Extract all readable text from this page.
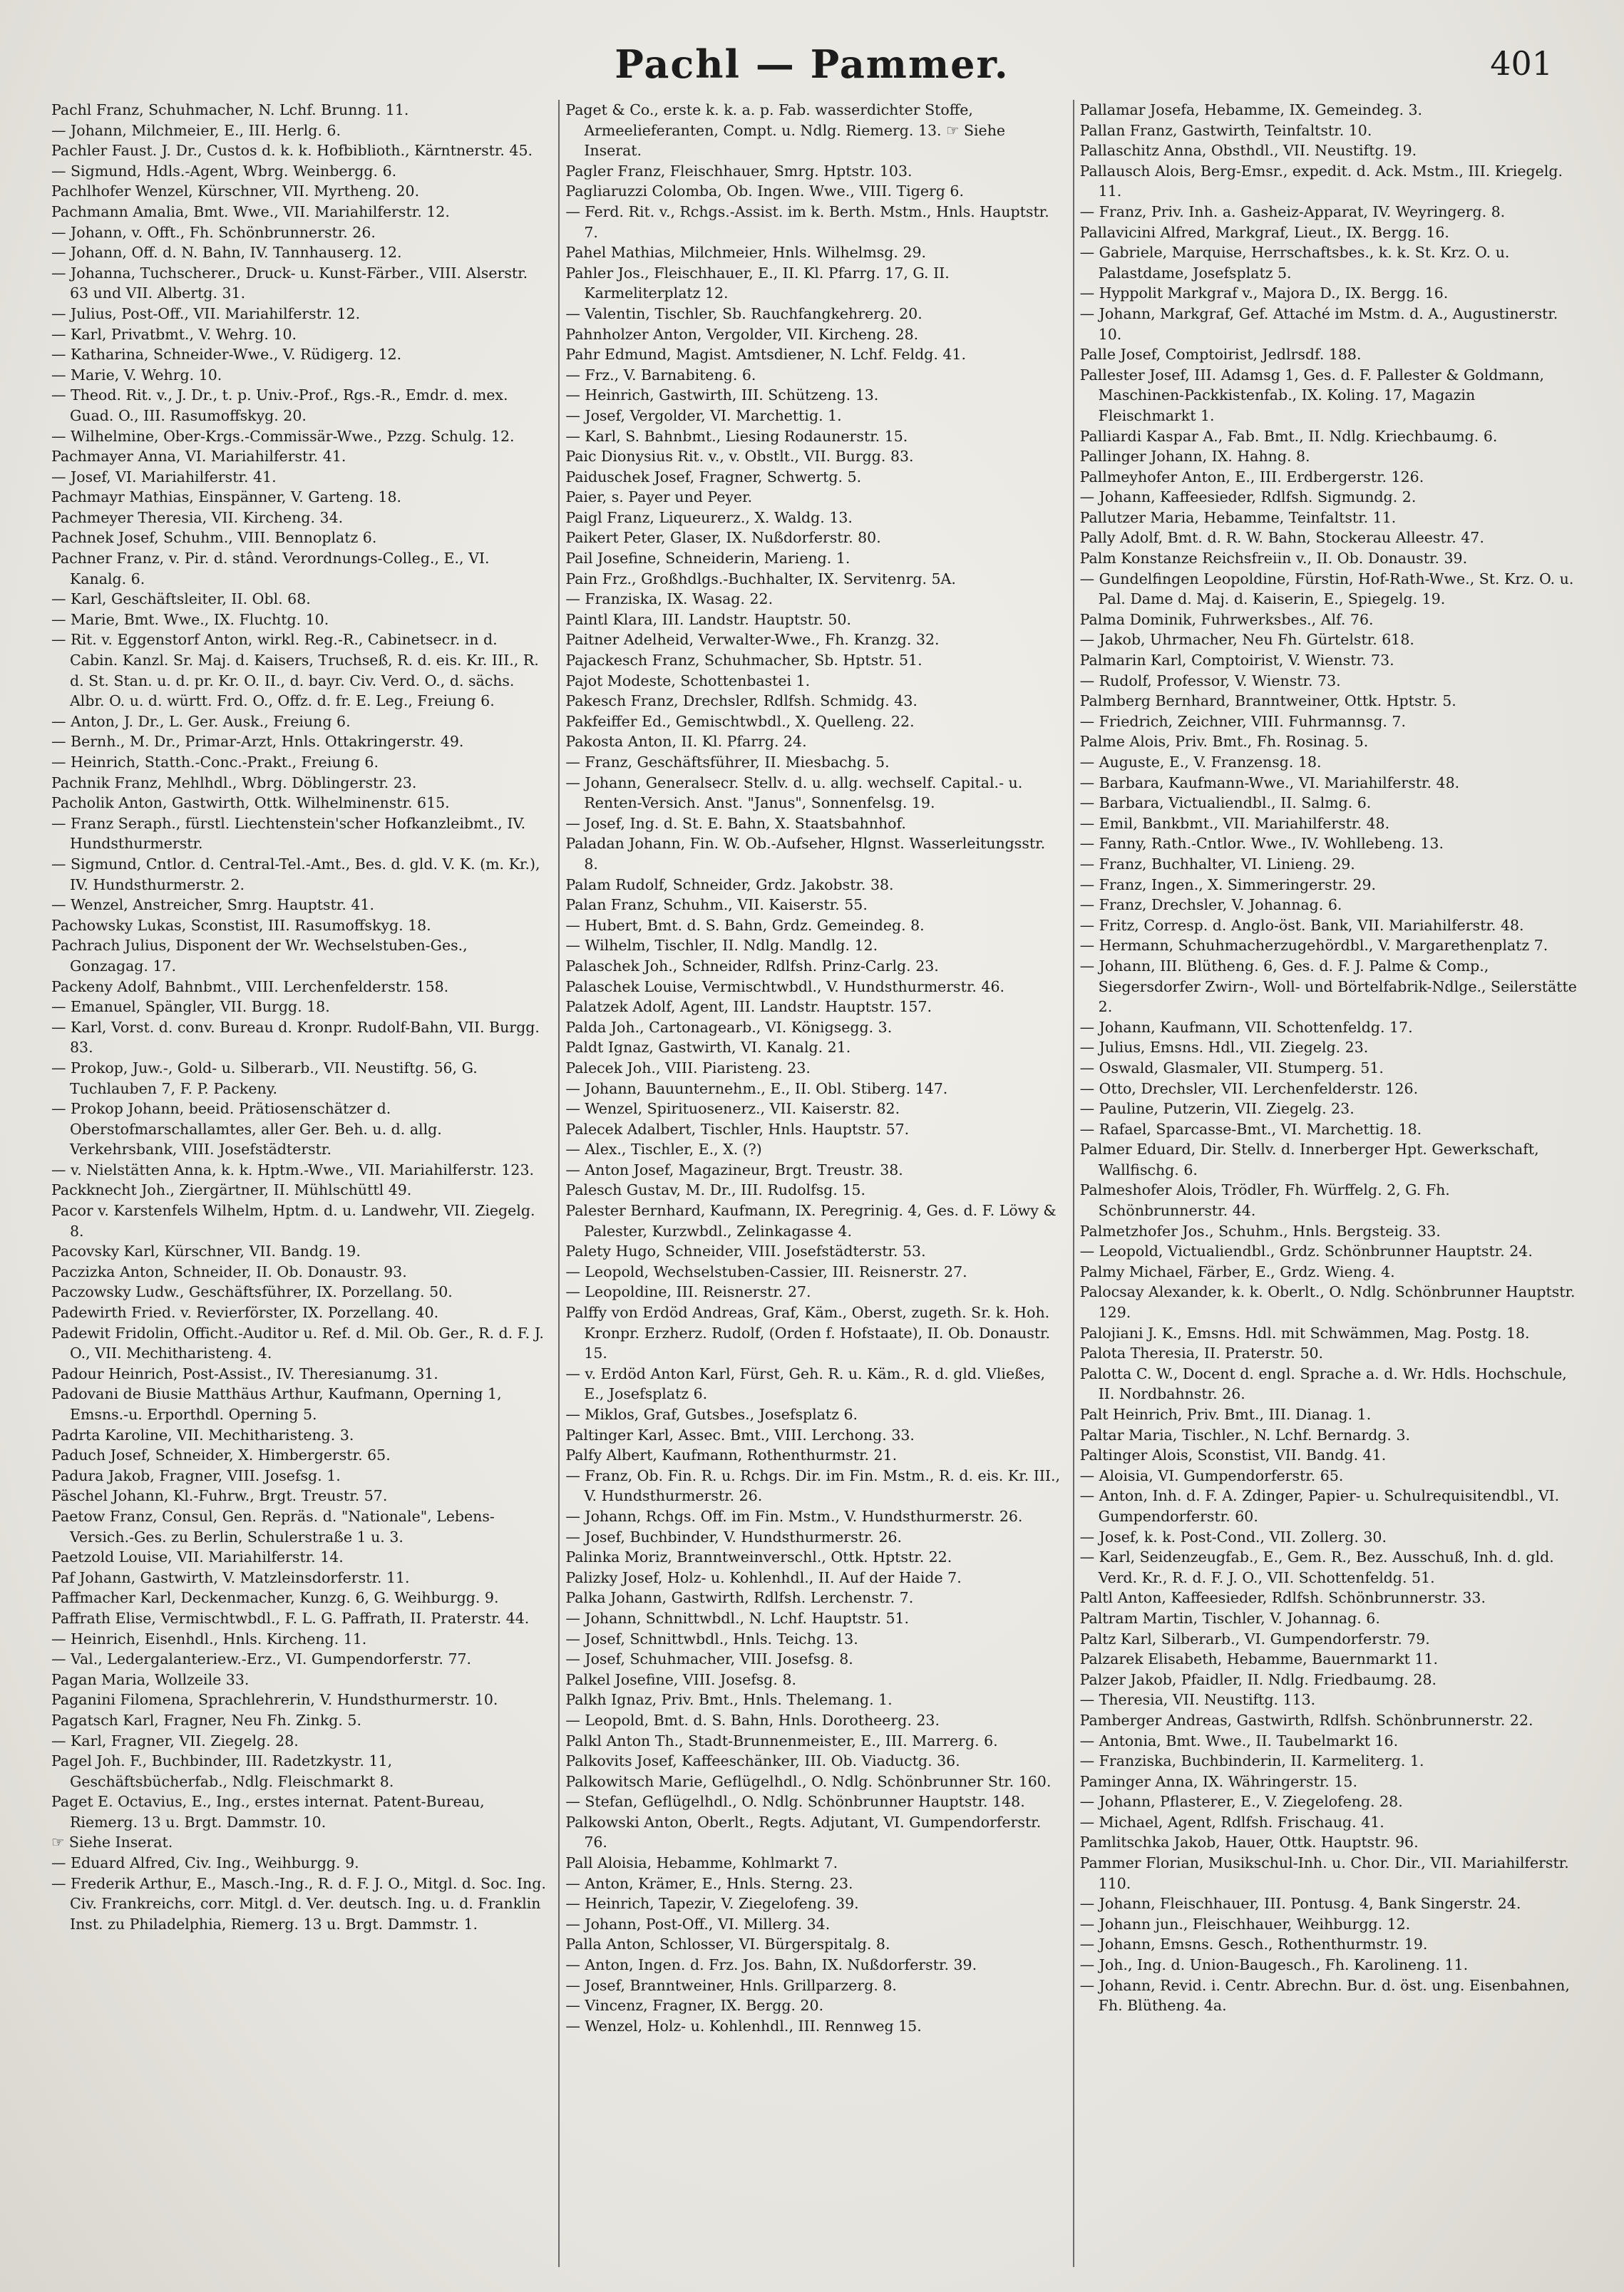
Pachl — Pammer.	401
Pachl Franz, Schuhmacher, N. Lchf. Brunng. 11.
— Johann, Milchmeier, E., III. Herlg. 6.
Pachler Faust. J. Dr., Custos d. k. k. Hofbiblioth., Kärntnerstr. 45.
— Sigmund, Hdls.-Agent, Wbrg. Weinbergg. 6.
Pachlhofer Wenzel, Kürschner, VII. Myrtheng. 20.
Pachmann Amalia, Bmt. Wwe., VII. Mariahilferstr. 12.
— Johann, v. Offt., Fh. Schönbrunnerstr. 26.
— Johann, Off. d. N. Bahn, IV. Tannhauserg. 12.
— Johanna, Tuchscherer., Druck- u. Kunst-Färber., VIII. Alserstr. 63 und VII. Albertg. 31.
— Julius, Post-Off., VII. Mariahilferstr. 12.
— Karl, Privatbmt., V. Wehrg. 10.
— Katharina, Schneider-Wwe., V. Rüdigerg. 12.
— Marie, V. Wehrg. 10.
— Theod. Rit. v., J. Dr., t. p. Univ.-Prof., Rgs.-R., Emdr. d. mex. Guad. O., III. Rasumoffskyg. 20.
— Wilhelmine, Ober-Krgs.-Commissär-Wwe., Pzzg. Schulg. 12.
Pachmayer Anna, VI. Mariahilferstr. 41.
— Josef, VI. Mariahilferstr. 41.
Pachmayr Mathias, Einspänner, V. Garteng. 18.
Pachmeyer Theresia, VII. Kircheng. 34.
Pachnek Josef, Schuhm., VIII. Bennoplatz 6.
Pachner Franz, v. Pir. d. stând. Verordnungs-Colleg., E., VI. Kanalg. 6.
— Karl, Geschäftsleiter, II. Obl. 68.
— Marie, Bmt. Wwe., IX. Fluchtg. 10.
— Rit. v. Eggenstorf Anton, wirkl. Reg.-R., Cabinetsecr. in d. Cabin. Kanzl. Sr. Maj. d. Kaisers, Truchseß, R. d. eis. Kr. III., R. d. St. Stan. u. d. pr. Kr. O. II., d. bayr. Civ. Verd. O., d. sächs. Albr. O. u. d. württ. Frd. O., Offz. d. fr. E. Leg., Freiung 6.
— Anton, J. Dr., L. Ger. Ausk., Freiung 6.
— Bernh., M. Dr., Primar-Arzt, Hnls. Ottakringerstr. 49.
— Heinrich, Statth.-Conc.-Prakt., Freiung 6.
Pachnik Franz, Mehlhdl., Wbrg. Döblingerstr. 23.
Pacholik Anton, Gastwirth, Ottk. Wilhelminenstr. 615.
— Franz Seraph., fürstl. Liechtenstein'scher Hofkanzleibmt., IV. Hundsthurmerstr.
— Sigmund, Cntlor. d. Central-Tel.-Amt., Bes. d. gld. V. K. (m. Kr.), IV. Hundsthurmerstr. 2.
— Wenzel, Anstreicher, Smrg. Hauptstr. 41.
Pachowsky Lukas, Sconstist, III. Rasumoffskyg. 18.
Pachrach Julius, Disponent der Wr. Wechselstuben-Ges., Gonzagag. 17.
Packeny Adolf, Bahnbmt., VIII. Lerchenfelderstr. 158.
— Emanuel, Spängler, VII. Burgg. 18.
— Karl, Vorst. d. conv. Bureau d. Kronpr. Rudolf-Bahn, VII. Burgg. 83.
— Prokop, Juw.-, Gold- u. Silberarb., VII. Neustiftg. 56, G. Tuchlauben 7, F. P. Packeny.
— Prokop Johann, beeid. Prätiosenschätzer d. Oberstofmarschallamtes, aller Ger. Beh. u. d. allg. Verkehrsbank, VIII. Josefstädterstr.
— v. Nielstätten Anna, k. k. Hptm.-Wwe., VII. Mariahilferstr. 123.
Packknecht Joh., Ziergärtner, II. Mühlschüttl 49.
Pacor v. Karstenfels Wilhelm, Hptm. d. u. Landwehr, VII. Ziegelg. 8.
Pacovsky Karl, Kürschner, VII. Bandg. 19.
Paczizka Anton, Schneider, II. Ob. Donaustr. 93.
Paczowsky Ludw., Geschäftsführer, IX. Porzellang. 50.
Padewirth Fried. v. Revierförster, IX. Porzellang. 40.
Padewit Fridolin, Officht.-Auditor u. Ref. d. Mil. Ob. Ger., R. d. F. J. O., VII. Mechitharisteng. 4.
Padour Heinrich, Post-Assist., IV. Theresianumg. 31.
Padovani de Biusie Matthäus Arthur, Kaufmann, Operning 1, Emsns.-u. Erporthdl. Operning 5.
Padrta Karoline, VII. Mechitharisteng. 3.
Paduch Josef, Schneider, X. Himbergerstr. 65.
Padura Jakob, Fragner, VIII. Josefsg. 1.
Päschel Johann, Kl.-Fuhrw., Brgt. Treustr. 57.
Paetow Franz, Consul, Gen. Repräs. d. "Nationale", Lebens-Versich.-Ges. zu Berlin, Schulerstraße 1 u. 3.
Paetzold Louise, VII. Mariahilferstr. 14.
Paf Johann, Gastwirth, V. Matzleinsdorferstr. 11.
Paffmacher Karl, Deckenmacher, Kunzg. 6, G. Weihburgg. 9.
Paffrath Elise, Vermischtwbdl., F. L. G. Paffrath, II. Praterstr. 44.
— Heinrich, Eisenhdl., Hnls. Kircheng. 11.
— Val., Ledergalanteriew.-Erz., VI. Gumpendorferstr. 77.
Pagan Maria, Wollzeile 33.
Paganini Filomena, Sprachlehrerin, V. Hundsthurmerstr. 10.
Pagatsch Karl, Fragner, Neu Fh. Zinkg. 5.
— Karl, Fragner, VII. Ziegelg. 28.
Pagel Joh. F., Buchbinder, III. Radetzkystr. 11, Geschäftsbücherfab., Ndlg. Fleischmarkt 8.
Paget E. Octavius, E., Ing., erstes internat. Patent-Bureau, Riemerg. 13 u. Brgt. Dammstr. 10.
☞ Siehe Inserat.
— Eduard Alfred, Civ. Ing., Weihburgg. 9.
— Frederik Arthur, E., Masch.-Ing., R. d. F. J. O., Mitgl. d. Soc. Ing. Civ. Frankreichs, corr. Mitgl. d. Ver. deutsch. Ing. u. d. Franklin Inst. zu Philadelphia, Riemerg. 13 u. Brgt. Dammstr. 1.
Paget & Co., erste k. k. a. p. Fab. wasserdichter Stoffe, Armeelieferanten, Compt. u. Ndlg. Riemerg. 13. ☞ Siehe Inserat.
Pagler Franz, Fleischhauer, Smrg. Hptstr. 103.
Pagliaruzzi Colomba, Ob. Ingen. Wwe., VIII. Tigerg 6.
— Ferd. Rit. v., Rchgs.-Assist. im k. Berth. Mstm., Hnls. Hauptstr. 7.
Pahel Mathias, Milchmeier, Hnls. Wilhelmsg. 29.
Pahler Jos., Fleischhauer, E., II. Kl. Pfarrg. 17, G. II. Karmeliterplatz 12.
— Valentin, Tischler, Sb. Rauchfangkehrerg. 20.
Pahnholzer Anton, Vergolder, VII. Kircheng. 28.
Pahr Edmund, Magist. Amtsdiener, N. Lchf. Feldg. 41.
— Frz., V. Barnabiteng. 6.
— Heinrich, Gastwirth, III. Schützeng. 13.
— Josef, Vergolder, VI. Marchettig. 1.
— Karl, S. Bahnbmt., Liesing Rodaunerstr. 15.
Paic Dionysius Rit. v., v. Obstlt., VII. Burgg. 83.
Paiduschek Josef, Fragner, Schwertg. 5.
Paier, s. Payer und Peyer.
Paigl Franz, Liqueurerz., X. Waldg. 13.
Paikert Peter, Glaser, IX. Nußdorferstr. 80.
Pail Josefine, Schneiderin, Marieng. 1.
Pain Frz., Großhdlgs.-Buchhalter, IX. Servitenrg. 5A.
— Franziska, IX. Wasag. 22.
Paintl Klara, III. Landstr. Hauptstr. 50.
Paitner Adelheid, Verwalter-Wwe., Fh. Kranzg. 32.
Pajackesch Franz, Schuhmacher, Sb. Hptstr. 51.
Pajot Modeste, Schottenbastei 1.
Pakesch Franz, Drechsler, Rdlfsh. Schmidg. 43.
Pakfeiffer Ed., Gemischtwbdl., X. Quelleng. 22.
Pakosta Anton, II. Kl. Pfarrg. 24.
— Franz, Geschäftsführer, II. Miesbachg. 5.
— Johann, Generalsecr. Stellv. d. u. allg. wechself. Capital.- u. Renten-Versich. Anst. "Janus", Sonnenfelsg. 19.
— Josef, Ing. d. St. E. Bahn, X. Staatsbahnhof.
Paladan Johann, Fin. W. Ob.-Aufseher, Hlgnst. Wasserleitungsstr. 8.
Palam Rudolf, Schneider, Grdz. Jakobstr. 38.
Palan Franz, Schuhm., VII. Kaiserstr. 55.
— Hubert, Bmt. d. S. Bahn, Grdz. Gemeindeg. 8.
— Wilhelm, Tischler, II. Ndlg. Mandlg. 12.
Palaschek Joh., Schneider, Rdlfsh. Prinz-Carlg. 23.
Palaschek Louise, Vermischtwbdl., V. Hundsthurmerstr. 46.
Palatzek Adolf, Agent, III. Landstr. Hauptstr. 157.
Palda Joh., Cartonagearb., VI. Königsegg. 3.
Paldt Ignaz, Gastwirth, VI. Kanalg. 21.
Palecek Joh., VIII. Piaristeng. 23.
— Johann, Bauunternehm., E., II. Obl. Stiberg. 147.
— Wenzel, Spirituosenerz., VII. Kaiserstr. 82.
Palecek Adalbert, Tischler, Hnls. Hauptstr. 57.
— Alex., Tischler, E., X. (?)
— Anton Josef, Magazineur, Brgt. Treustr. 38.
Palesch Gustav, M. Dr., III. Rudolfsg. 15.
Palester Bernhard, Kaufmann, IX. Peregrinig. 4, Ges. d. F. Löwy & Palester, Kurzwbdl., Zelinkagasse 4.
Palety Hugo, Schneider, VIII. Josefstädterstr. 53.
— Leopold, Wechselstuben-Cassier, III. Reisnerstr. 27.
— Leopoldine, III. Reisnerstr. 27.
Palffy von Erdöd Andreas, Graf, Käm., Oberst, zugeth. Sr. k. Hoh. Kronpr. Erzherz. Rudolf, (Orden f. Hofstaate), II. Ob. Donaustr. 15.
— v. Erdöd Anton Karl, Fürst, Geh. R. u. Käm., R. d. gld. Vließes, E., Josefsplatz 6.
— Miklos, Graf, Gutsbes., Josefsplatz 6.
Paltinger Karl, Assec. Bmt., VIII. Lerchong. 33.
Palfy Albert, Kaufmann, Rothenthurmstr. 21.
— Franz, Ob. Fin. R. u. Rchgs. Dir. im Fin. Mstm., R. d. eis. Kr. III., V. Hundsthurmerstr. 26.
— Johann, Rchgs. Off. im Fin. Mstm., V. Hundsthurmerstr. 26.
— Josef, Buchbinder, V. Hundsthurmerstr. 26.
Palinka Moriz, Branntweinverschl., Ottk. Hptstr. 22.
Palizky Josef, Holz- u. Kohlenhdl., II. Auf der Haide 7.
Palka Johann, Gastwirth, Rdlfsh. Lerchenstr. 7.
— Johann, Schnittwbdl., N. Lchf. Hauptstr. 51.
— Josef, Schnittwbdl., Hnls. Teichg. 13.
— Josef, Schuhmacher, VIII. Josefsg. 8.
Palkel Josefine, VIII. Josefsg. 8.
Palkh Ignaz, Priv. Bmt., Hnls. Thelemang. 1.
— Leopold, Bmt. d. S. Bahn, Hnls. Dorotheerg. 23.
Palkl Anton Th., Stadt-Brunnenmeister, E., III. Marrerg. 6.
Palkovits Josef, Kaffeeschänker, III. Ob. Viaductg. 36.
Palkowitsch Marie, Geflügelhdl., O. Ndlg. Schönbrunner Str. 160.
— Stefan, Geflügelhdl., O. Ndlg. Schönbrunner Hauptstr. 148.
Palkowski Anton, Oberlt., Regts. Adjutant, VI. Gumpendorferstr. 76.
Pall Aloisia, Hebamme, Kohlmarkt 7.
— Anton, Krämer, E., Hnls. Sterng. 23.
— Heinrich, Tapezir, V. Ziegelofeng. 39.
— Johann, Post-Off., VI. Millerg. 34.
Palla Anton, Schlosser, VI. Bürgerspitalg. 8.
— Anton, Ingen. d. Frz. Jos. Bahn, IX. Nußdorferstr. 39.
— Josef, Branntweiner, Hnls. Grillparzerg. 8.
— Vincenz, Fragner, IX. Bergg. 20.
— Wenzel, Holz- u. Kohlenhdl., III. Rennweg 15.
Pallamar Josefa, Hebamme, IX. Gemeindeg. 3.
Pallan Franz, Gastwirth, Teinfaltstr. 10.
Pallaschitz Anna, Obsthdl., VII. Neustiftg. 19.
Pallausch Alois, Berg-Emsr., expedit. d. Ack. Mstm., III. Kriegelg. 11.
— Franz, Priv. Inh. a. Gasheiz-Apparat, IV. Weyringerg. 8.
Pallavicini Alfred, Markgraf, Lieut., IX. Bergg. 16.
— Gabriele, Marquise, Herrschaftsbes., k. k. St. Krz. O. u. Palastdame, Josefsplatz 5.
— Hyppolit Markgraf v., Majora D., IX. Bergg. 16.
— Johann, Markgraf, Gef. Attaché im Mstm. d. A., Augustinerstr. 10.
Palle Josef, Comptoirist, Jedlrsdf. 188.
Pallester Josef, III. Adamsg 1, Ges. d. F. Pallester & Goldmann, Maschinen-Packkistenfab., IX. Koling. 17, Magazin Fleischmarkt 1.
Palliardi Kaspar A., Fab. Bmt., II. Ndlg. Kriechbaumg. 6.
Pallinger Johann, IX. Hahng. 8.
Pallmeyhofer Anton, E., III. Erdbergerstr. 126.
— Johann, Kaffeesieder, Rdlfsh. Sigmundg. 2.
Pallutzer Maria, Hebamme, Teinfaltstr. 11.
Pally Adolf, Bmt. d. R. W. Bahn, Stockerau Alleestr. 47.
Palm Konstanze Reichsfreiin v., II. Ob. Donaustr. 39.
— Gundelfingen Leopoldine, Fürstin, Hof-Rath-Wwe., St. Krz. O. u. Pal. Dame d. Maj. d. Kaiserin, E., Spiegelg. 19.
Palma Dominik, Fuhrwerksbes., Alf. 76.
— Jakob, Uhrmacher, Neu Fh. Gürtelstr. 618.
Palmarin Karl, Comptoirist, V. Wienstr. 73.
— Rudolf, Professor, V. Wienstr. 73.
Palmberg Bernhard, Branntweiner, Ottk. Hptstr. 5.
— Friedrich, Zeichner, VIII. Fuhrmannsg. 7.
Palme Alois, Priv. Bmt., Fh. Rosinag. 5.
— Auguste, E., V. Franzensg. 18.
— Barbara, Kaufmann-Wwe., VI. Mariahilferstr. 48.
— Barbara, Victualiendbl., II. Salmg. 6.
— Emil, Bankbmt., VII. Mariahilferstr. 48.
— Fanny, Rath.-Cntlor. Wwe., IV. Wohllebeng. 13.
— Franz, Buchhalter, VI. Linieng. 29.
— Franz, Ingen., X. Simmeringerstr. 29.
— Franz, Drechsler, V. Johannag. 6.
— Fritz, Corresp. d. Anglo-öst. Bank, VII. Mariahilferstr. 48.
— Hermann, Schuhmacherzugehördbl., V. Margarethenplatz 7.
— Johann, III. Blütheng. 6, Ges. d. F. J. Palme & Comp., Siegersdorfer Zwirn-, Woll- und Börtelfabrik-Ndlge., Seilerstätte 2.
— Johann, Kaufmann, VII. Schottenfeldg. 17.
— Julius, Emsns. Hdl., VII. Ziegelg. 23.
— Oswald, Glasmaler, VII. Stumperg. 51.
— Otto, Drechsler, VII. Lerchenfelderstr. 126.
— Pauline, Putzerin, VII. Ziegelg. 23.
— Rafael, Sparcasse-Bmt., VI. Marchettig. 18.
Palmer Eduard, Dir. Stellv. d. Innerberger Hpt. Gewerkschaft, Wallfischg. 6.
Palmeshofer Alois, Trödler, Fh. Würffelg. 2, G. Fh. Schönbrunnerstr. 44.
Palmetzhofer Jos., Schuhm., Hnls. Bergsteig. 33.
— Leopold, Victualiendbl., Grdz. Schönbrunner Hauptstr. 24.
Palmy Michael, Färber, E., Grdz. Wieng. 4.
Palocsay Alexander, k. k. Oberlt., O. Ndlg. Schönbrunner Hauptstr. 129.
Palojiani J. K., Emsns. Hdl. mit Schwämmen, Mag. Postg. 18.
Palota Theresia, II. Praterstr. 50.
Palotta C. W., Docent d. engl. Sprache a. d. Wr. Hdls. Hochschule, II. Nordbahnstr. 26.
Palt Heinrich, Priv. Bmt., III. Dianag. 1.
Paltar Maria, Tischler., N. Lchf. Bernardg. 3.
Paltinger Alois, Sconstist, VII. Bandg. 41.
— Aloisia, VI. Gumpendorferstr. 65.
— Anton, Inh. d. F. A. Zdinger, Papier- u. Schulrequisitendbl., VI. Gumpendorferstr. 60.
— Josef, k. k. Post-Cond., VII. Zollerg. 30.
— Karl, Seidenzeugfab., E., Gem. R., Bez. Ausschuß, Inh. d. gld. Verd. Kr., R. d. F. J. O., VII. Schottenfeldg. 51.
Paltl Anton, Kaffeesieder, Rdlfsh. Schönbrunnerstr. 33.
Paltram Martin, Tischler, V. Johannag. 6.
Paltz Karl, Silberarb., VI. Gumpendorferstr. 79.
Palzarek Elisabeth, Hebamme, Bauernmarkt 11.
Palzer Jakob, Pfaidler, II. Ndlg. Friedbaumg. 28.
— Theresia, VII. Neustiftg. 113.
Pamberger Andreas, Gastwirth, Rdlfsh. Schönbrunnerstr. 22.
— Antonia, Bmt. Wwe., II. Taubelmarkt 16.
— Franziska, Buchbinderin, II. Karmeliterg. 1.
Paminger Anna, IX. Währingerstr. 15.
— Johann, Pflasterer, E., V. Ziegelofeng. 28.
— Michael, Agent, Rdlfsh. Frischaug. 41.
Pamlitschka Jakob, Hauer, Ottk. Hauptstr. 96.
Pammer Florian, Musikschul-Inh. u. Chor. Dir., VII. Mariahilferstr. 110.
— Johann, Fleischhauer, III. Pontusg. 4, Bank Singerstr. 24.
— Johann jun., Fleischhauer, Weihburgg. 12.
— Johann, Emsns. Gesch., Rothenthurmstr. 19.
— Joh., Ing. d. Union-Baugesch., Fh. Karolineng. 11.
— Johann, Revid. i. Centr. Abrechn. Bur. d. öst. ung. Eisenbahnen, Fh. Blütheng. 4a.
